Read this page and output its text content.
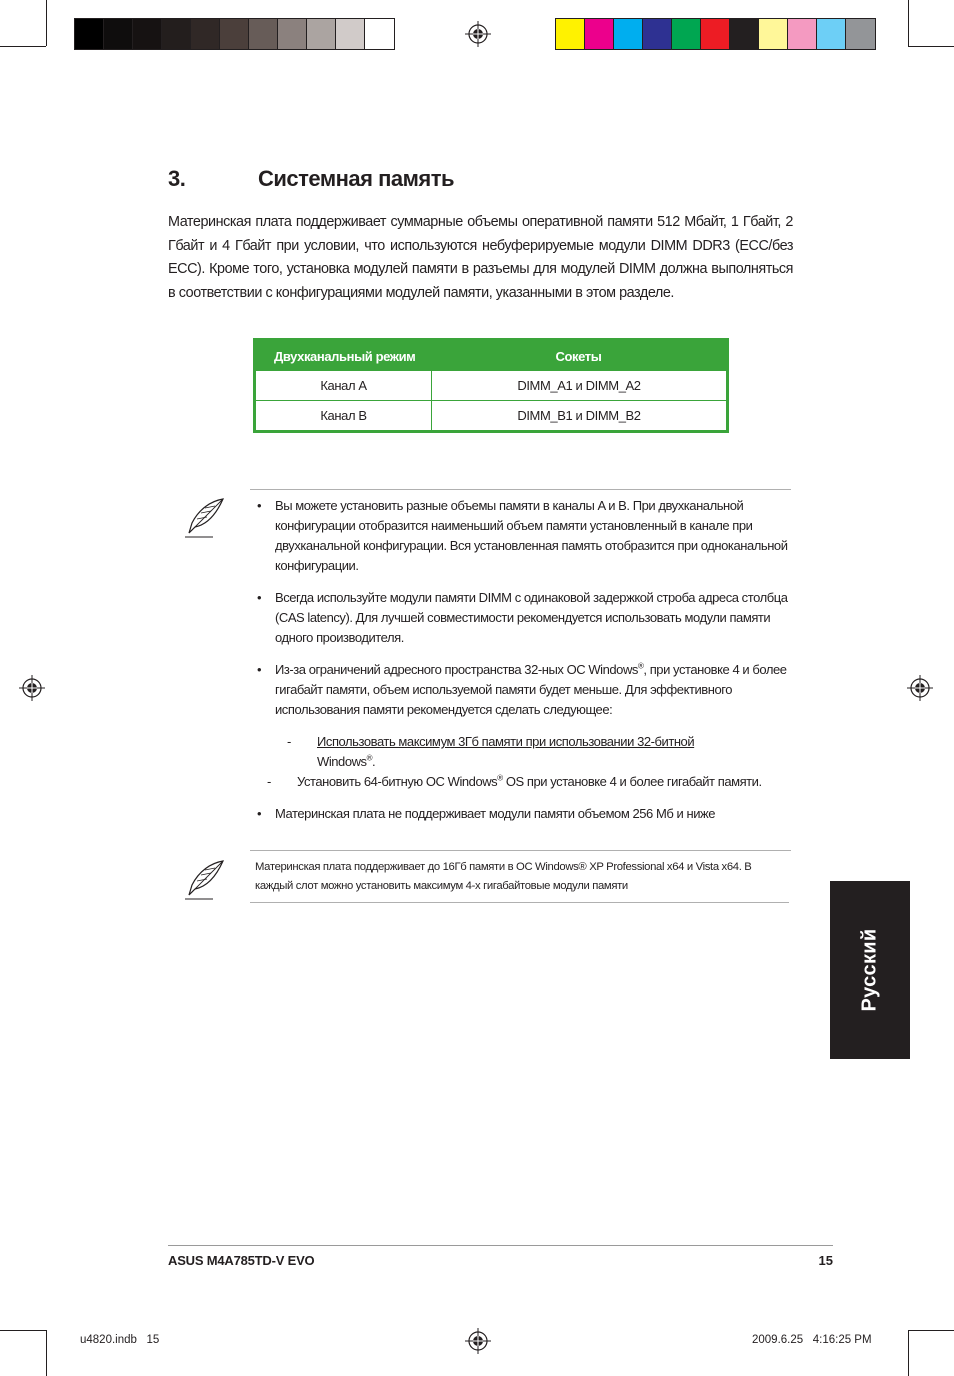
3.	Системная память
Материнская плата поддерживает суммарные объемы оперативной памяти 512 Мбайт, 1 Гбайт, 2 Гбайт и 4 Гбайт при условии, что используются небуферируемые модули DIMM DDR3 (ECC/без ECC). Кроме того, установка модулей памяти в разъемы для модулей DIMM должна выполняться в соответствии с конфигурациями модулей памяти, указанными в этом разделе.
Двухканальный режим	Сокеты
Канал A	DIMM_A1 и DIMM_A2
Канал B	DIMM_B1 и DIMM_B2
• Вы можете установить разные объемы памяти в каналы A и B. При двухканальной конфигурации отобразится наименьший объем памяти установленный в канале при двухканальной конфигурации. Вся установленная память отобразится при одноканальной конфигурации.
• Всегда используйте модули памяти DIMM с одинаковой задержкой строба адреса столбца (CAS latency). Для лучшей совместимости рекомендуется использовать модули памяти одного производителя.
• Из-за ограничений адресного пространства 32-ных ОС Windows®, при установке 4 и более гигабайт памяти, объем используемой памяти будет меньше. Для эффективного использования памяти рекомендуется сделать следующее:
- Использовать максимум 3Гб памяти при использовании 32-битной
Windows®.
- Установить 64-битную ОС Windows® OS при установке 4 и более гигабайт памяти.
• Материнская плата не поддерживает модули памяти объемом 256 Мб и ниже
Материнская плата поддерживает до 16Гб памяти в ОС Windows® XP Professional x64 и Vista x64. В каждый слот можно установить максимум 4-х гигабайтовые модули памяти
Русский
ASUS M4A785TD-V EVO	15
u4820.indb   15	2009.6.25   4:16:25 PM
